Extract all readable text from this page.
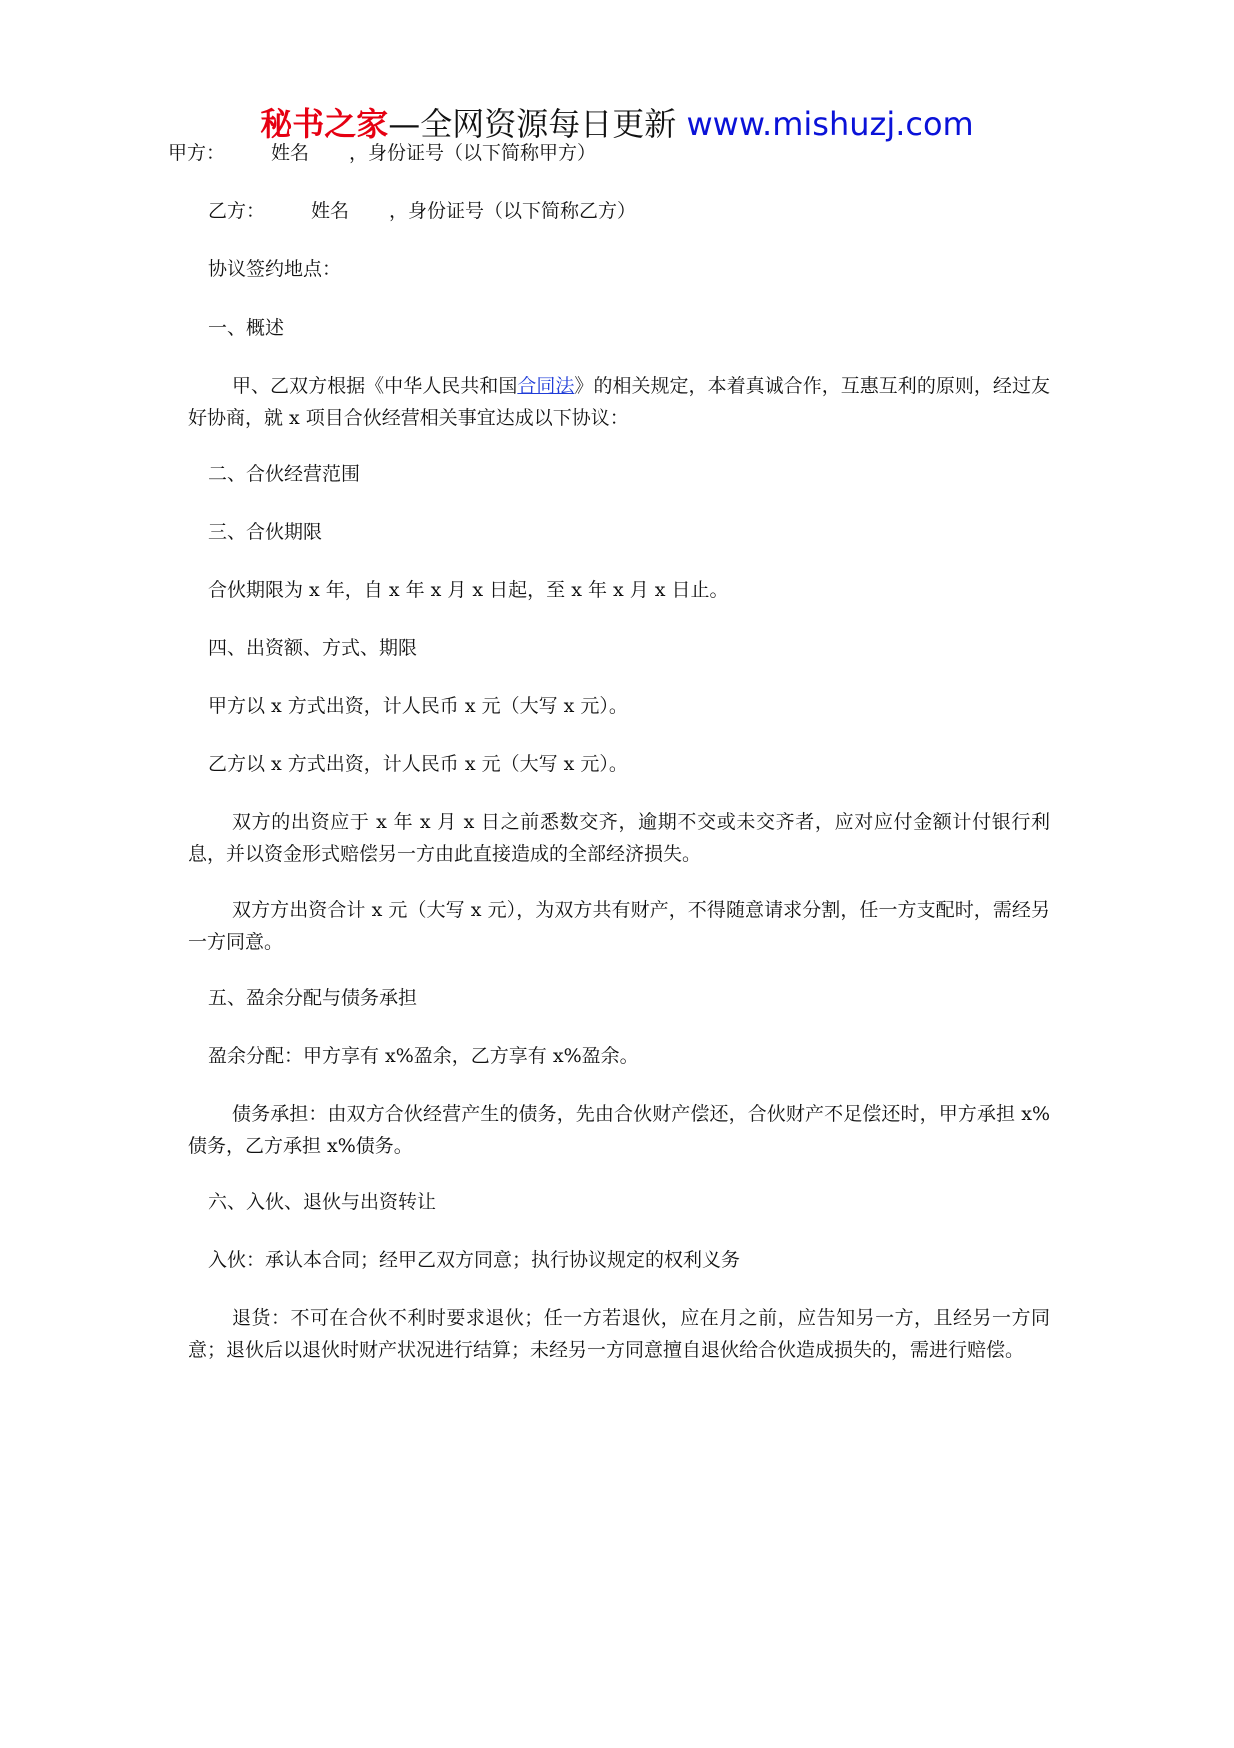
秘书之家—全网资源每日更新 www.mishuzj.com

甲方： 姓名 ，身份证号（以下简称甲方）

乙方： 姓名 ，身份证号（以下简称乙方）

协议签约地点：

一、概述

甲、乙双方根据《中华人民共和国合同法》的相关规定，本着真诚合作，互惠互利的原则，经过友好协商，就 x 项目合伙经营相关事宜达成以下协议：

二、合伙经营范围

三、合伙期限

合伙期限为 x 年，自 x 年 x 月 x 日起，至 x 年 x 月 x 日止。

四、出资额、方式、期限

甲方以 x 方式出资，计人民币 x 元（大写 x 元）。

乙方以 x 方式出资，计人民币 x 元（大写 x 元）。

双方的出资应于 x 年 x 月 x 日之前悉数交齐，逾期不交或未交齐者，应对应付金额计付银行利息，并以资金形式赔偿另一方由此直接造成的全部经济损失。

双方方出资合计 x 元（大写 x 元），为双方共有财产，不得随意请求分割，任一方支配时，需经另一方同意。

五、盈余分配与债务承担

盈余分配：甲方享有 x%盈余，乙方享有 x%盈余。

债务承担：由双方合伙经营产生的债务，先由合伙财产偿还，合伙财产不足偿还时，甲方承担 x%债务，乙方承担 x%债务。

六、入伙、退伙与出资转让

入伙：承认本合同；经甲乙双方同意；执行协议规定的权利义务

退货：不可在合伙不利时要求退伙；任一方若退伙，应在月之前，应告知另一方，且经另一方同意；退伙后以退伙时财产状况进行结算；未经另一方同意擅自退伙给合伙造成损失的，需进行赔偿。
